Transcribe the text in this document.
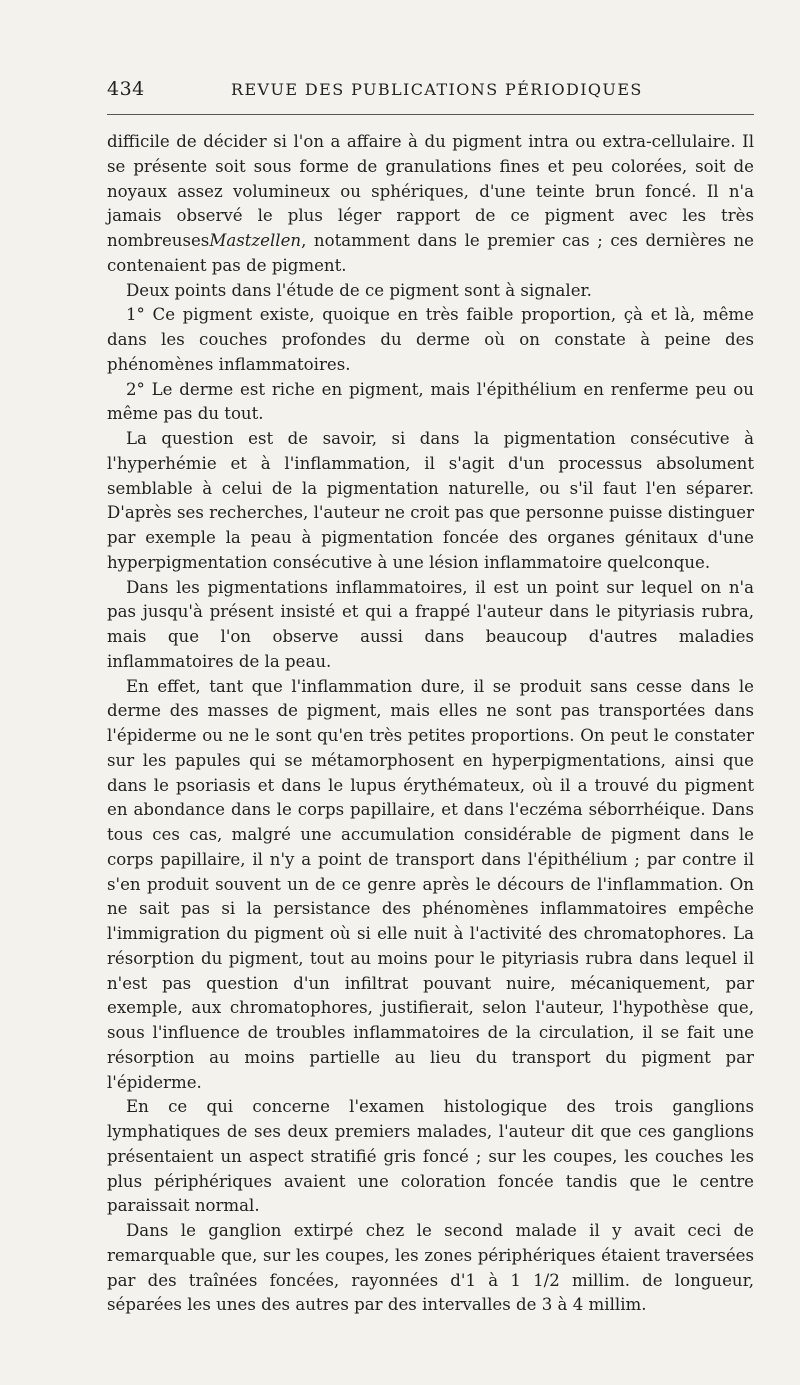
434	REVUE DES PUBLICATIONS PÉRIODIQUES

difficile de décider si l'on a affaire à du pigment intra ou extra-cellulaire. Il se présente soit sous forme de granulations fines et peu colorées, soit de noyaux assez volumineux ou sphériques, d'une teinte brun foncé. Il n'a jamais observé le plus léger rapport de ce pigment avec les très nombreusesMastzellen, notamment dans le premier cas ; ces dernières ne contenaient pas de pigment.

Deux points dans l'étude de ce pigment sont à signaler.

1° Ce pigment existe, quoique en très faible proportion, çà et là, même dans les couches profondes du derme où on constate à peine des phénomènes inflammatoires.

2° Le derme est riche en pigment, mais l'épithélium en renferme peu ou même pas du tout.

La question est de savoir, si dans la pigmentation consécutive à l'hyperhémie et à l'inflammation, il s'agit d'un processus absolument semblable à celui de la pigmentation naturelle, ou s'il faut l'en séparer. D'après ses recherches, l'auteur ne croit pas que personne puisse distinguer par exemple la peau à pigmentation foncée des organes génitaux d'une hyperpigmentation consécutive à une lésion inflammatoire quelconque.

Dans les pigmentations inflammatoires, il est un point sur lequel on n'a pas jusqu'à présent insisté et qui a frappé l'auteur dans le pityriasis rubra, mais que l'on observe aussi dans beaucoup d'autres maladies inflammatoires de la peau.

En effet, tant que l'inflammation dure, il se produit sans cesse dans le derme des masses de pigment, mais elles ne sont pas transportées dans l'épiderme ou ne le sont qu'en très petites proportions. On peut le constater sur les papules qui se métamorphosent en hyperpigmentations, ainsi que dans le psoriasis et dans le lupus érythémateux, où il a trouvé du pigment en abondance dans le corps papillaire, et dans l'eczéma séborrhéique. Dans tous ces cas, malgré une accumulation considérable de pigment dans le corps papillaire, il n'y a point de transport dans l'épithélium ; par contre il s'en produit souvent un de ce genre après le décours de l'inflammation. On ne sait pas si la persistance des phénomènes inflammatoires empêche l'immigration du pigment où si elle nuit à l'activité des chromatophores. La résorption du pigment, tout au moins pour le pityriasis rubra dans lequel il n'est pas question d'un infiltrat pouvant nuire, mécaniquement, par exemple, aux chromatophores, justifierait, selon l'auteur, l'hypothèse que, sous l'influence de troubles inflammatoires de la circulation, il se fait une résorption au moins partielle au lieu du transport du pigment par l'épiderme.

En ce qui concerne l'examen histologique des trois ganglions lymphatiques de ses deux premiers malades, l'auteur dit que ces ganglions présentaient un aspect stratifié gris foncé ; sur les coupes, les couches les plus périphériques avaient une coloration foncée tandis que le centre paraissait normal.

Dans le ganglion extirpé chez le second malade il y avait ceci de remarquable que, sur les coupes, les zones périphériques étaient traversées par des traînées foncées, rayonnées d'1 à 1 1/2 millim. de longueur, séparées les unes des autres par des intervalles de 3 à 4 millim.
